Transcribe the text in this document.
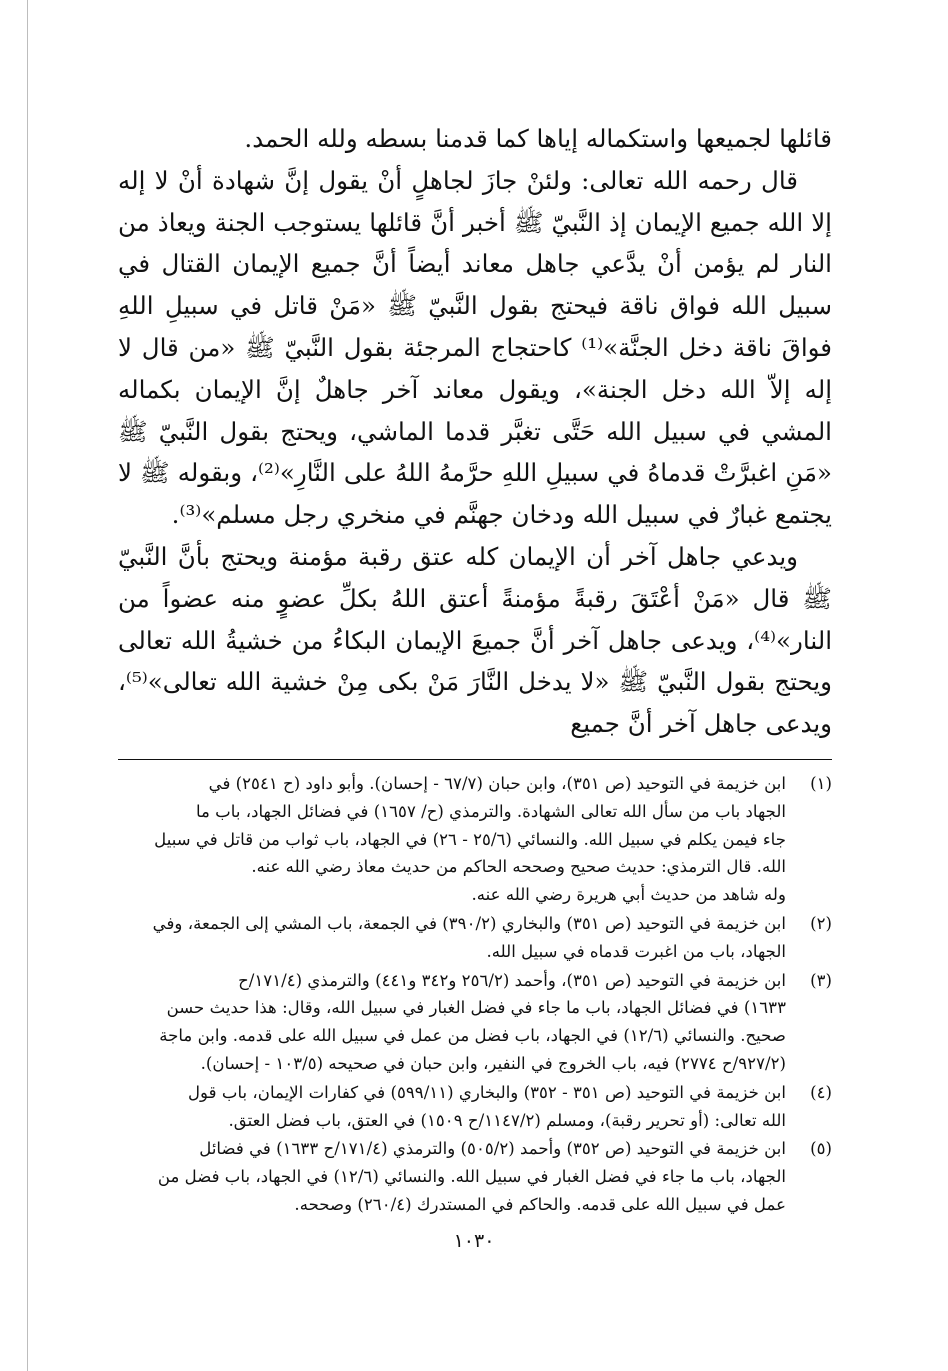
قائلها لجميعها واستكماله إياها كما قدمنا بسطه ولله الحمد.

قال رحمه الله تعالى: ولئنْ جازَ لجاهلٍ أنْ يقول إنَّ شهادة أنْ لا إله إلا الله جميع الإيمان إذ النَّبيّ ﷺ أخبر أنَّ قائلها يستوجب الجنة ويعاذ من النار لم يؤمن أنْ يدَّعي جاهل معاند أيضاً أنَّ جميع الإيمان القتال في سبيل الله فواق ناقة فيحتج بقول النَّبيّ ﷺ «مَنْ قاتل في سبيلِ اللهِ فواقَ ناقة دخل الجنَّة»⁽¹⁾ كاحتجاج المرجئة بقول النَّبيّ ﷺ «من قال لا إله إلاّ الله دخل الجنة»، ويقول معاند آخر جاهلٌ إنَّ الإيمان بكماله المشي في سبيل الله حَتَّى تغبَّر قدما الماشي، ويحتج بقول النَّبيّ ﷺ «مَنِ اغبرَّتْ قدماهُ في سبيلِ اللهِ حرَّمهُ اللهُ على النَّارِ»⁽²⁾، وبقوله ﷺ لا يجتمع غبارٌ في سبيل الله ودخان جهنَّم في منخري رجل مسلم»⁽³⁾.

ويدعي جاهل آخر أن الإيمان كله عتق رقبة مؤمنة ويحتج بأنَّ النَّبيّ ﷺ قال «مَنْ أعْتَقَ رقبةً مؤمنةً أعتق اللهُ بكلِّ عضوٍ منه عضواً من النار»⁽⁴⁾، ويدعى جاهل آخر أنَّ جميعَ الإيمان البكاءُ من خشيةُ الله تعالى ويحتج بقول النَّبيّ ﷺ «لا يدخل النَّارَ مَنْ بكى مِنْ خشية الله تعالى»⁽⁵⁾، ويدعى جاهل آخر أنَّ جميع

(١)
ابن خزيمة في التوحيد (ص ٣٥١)، وابن حبان (٦٧/٧ - إحسان). وأبو داود (ح ٢٥٤١) في
الجهاد باب من سأل الله تعالى الشهادة. والترمذي (ح/ ١٦٥٧) في فضائل الجهاد، باب ما
جاء فيمن يكلم في سبيل الله. والنسائي (٢٥/٦ - ٢٦) في الجهاد، باب ثواب من قاتل في سبيل
الله. قال الترمذي: حديث صحيح وصححه الحاكم من حديث معاذ رضي الله عنه.
وله شاهد من حديث أبي هريرة رضي الله عنه.
(٢)
ابن خزيمة في التوحيد (ص ٣٥١) والبخاري (٣٩٠/٢) في الجمعة، باب المشي إلى الجمعة، وفي
الجهاد، باب من اغبرت قدماه في سبيل الله.
(٣)
ابن خزيمة في التوحيد (ص ٣٥١)، وأحمد (٢٥٦/٢ و٣٤٢ و٤٤١) والترمذي (١٧١/٤/ح
١٦٣٣) في فضائل الجهاد، باب ما جاء في فضل الغبار في سبيل الله، وقال: هذا حديث حسن
صحيح. والنسائي (١٢/٦) في الجهاد، باب فضل من عمل في سبيل الله على قدمه. وابن ماجة
(٩٢٧/٢/ح ٢٧٧٤) فيه، باب الخروج في النفير، وابن حبان في صحيحه (١٠٣/٥ - إحسان).
(٤)
ابن خزيمة في التوحيد (ص ٣٥١ - ٣٥٢) والبخاري (٥٩٩/١١) في كفارات الإيمان، باب قول
الله تعالى: (أو تحرير رقبة)، ومسلم (١١٤٧/٢/ح ١٥٠٩) في العتق، باب فضل العتق.
(٥)
ابن خزيمة في التوحيد (ص ٣٥٢) وأحمد (٥٠٥/٢) والترمذي (١٧١/٤/ح ١٦٣٣) في فضائل
الجهاد، باب ما جاء في فضل الغبار في سبيل الله. والنسائي (١٢/٦) في الجهاد، باب فضل من
عمل في سبيل الله على قدمه. والحاكم في المستدرك (٢٦٠/٤) وصححه.
١٠٣٠
